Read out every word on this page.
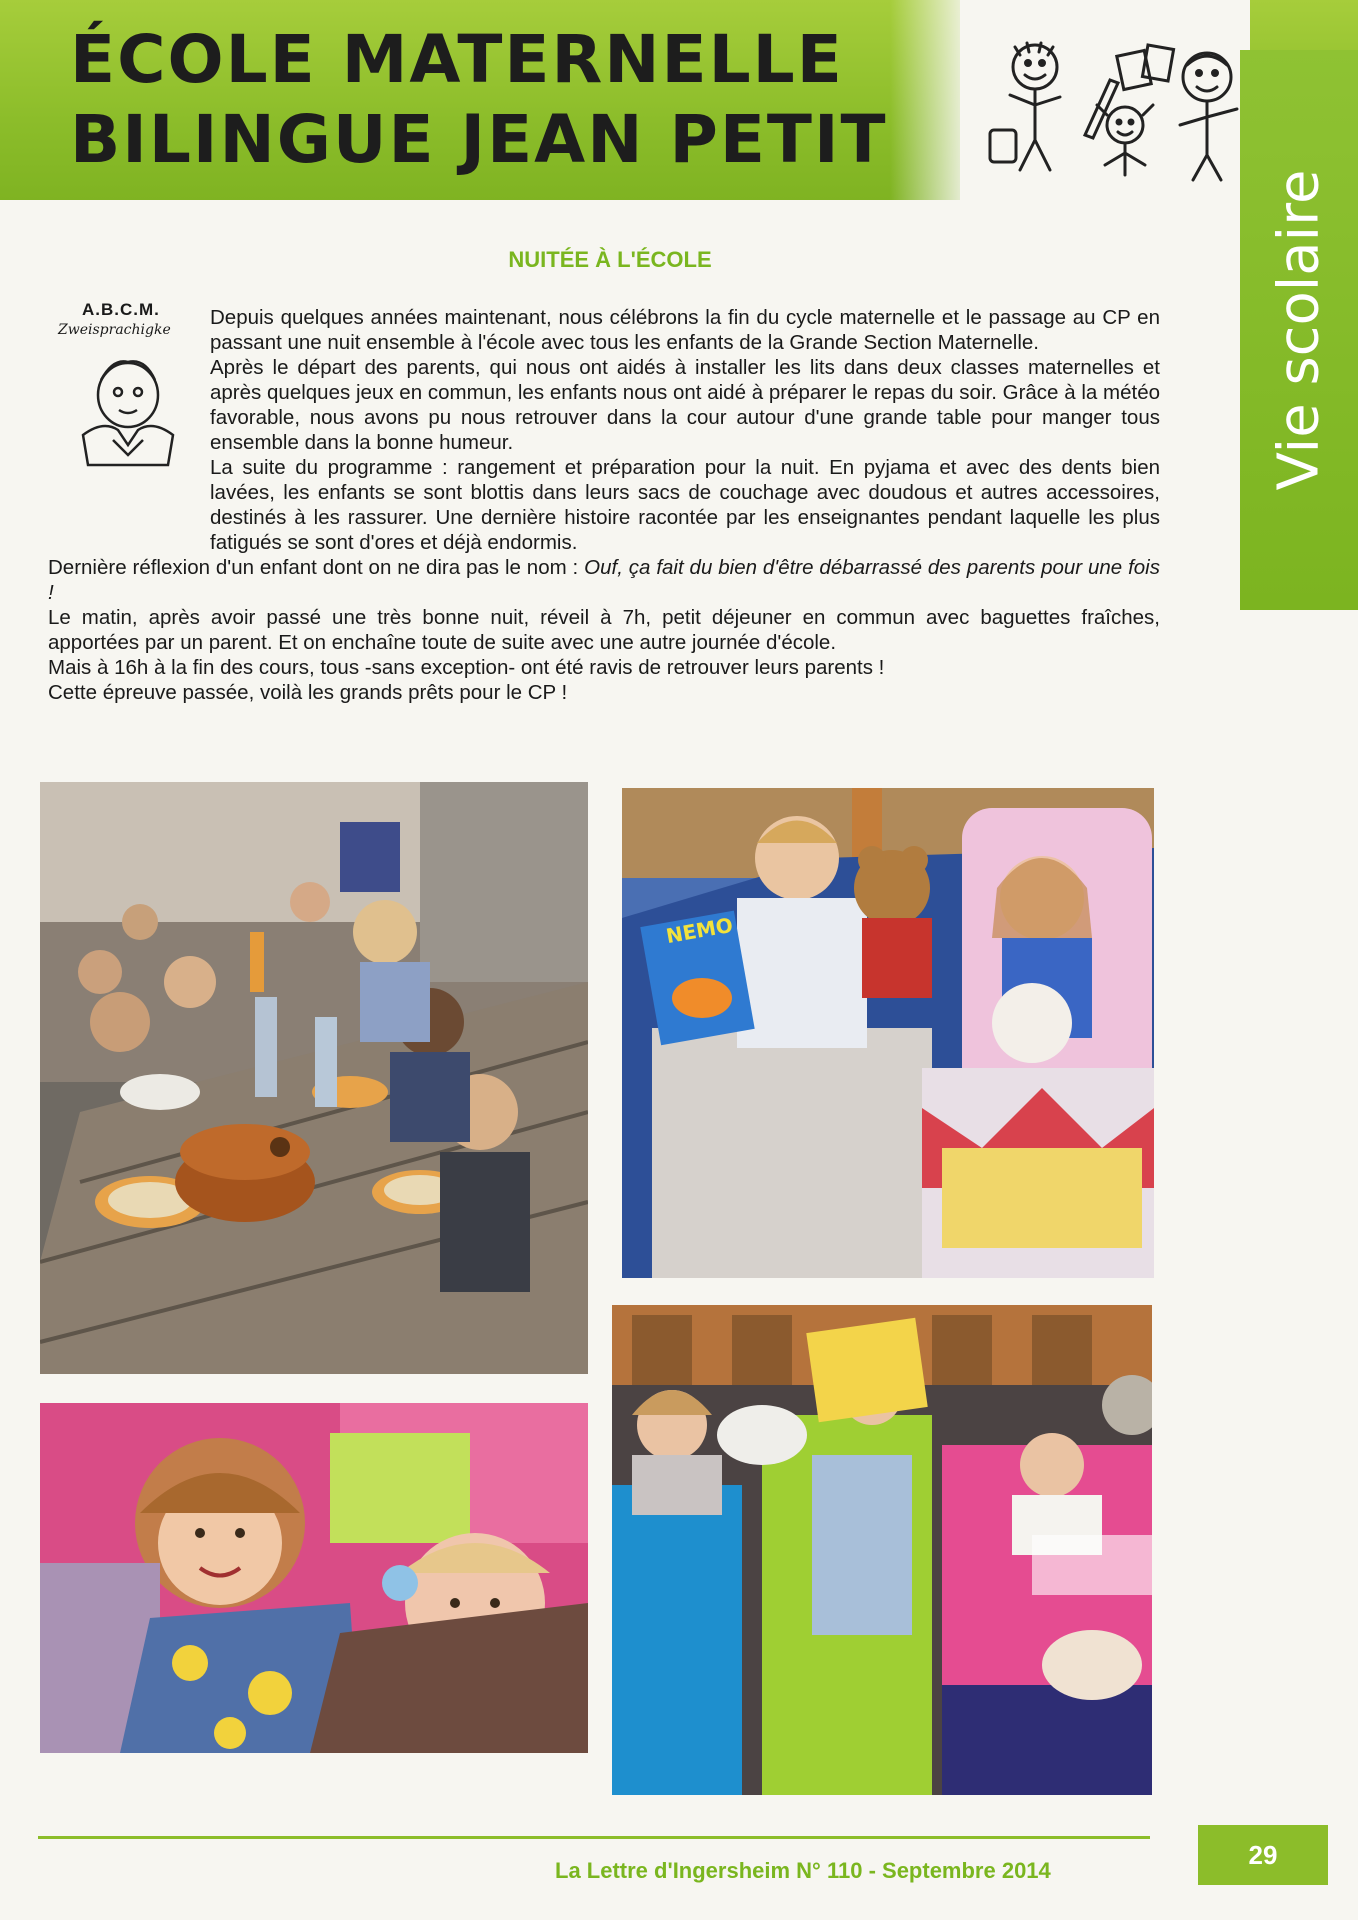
ÉCOLE MATERNELLE
BILINGUE JEAN PETIT
Vie scolaire
NUITÉE À L'ÉCOLE
A.B.C.M.
Zweisprachigke

Depuis quelques années maintenant, nous célébrons la fin du cycle maternelle et le passage au CP en passant une nuit ensemble à l'école avec tous les enfants de la Grande Section Maternelle.

Après le départ des parents, qui nous ont aidés à installer les lits dans deux classes maternelles et après quelques jeux en commun, les enfants nous ont aidé à préparer le repas du soir. Grâce à la météo favorable, nous avons pu nous retrouver dans la cour autour d'une grande table pour manger tous ensemble dans la bonne humeur.

La suite du programme : rangement et préparation pour la nuit. En pyjama et avec des dents bien lavées, les enfants se sont blottis dans leurs sacs de couchage avec doudous et autres accessoires, destinés à les rassurer. Une dernière histoire racontée par les enseignantes pendant laquelle les plus fatigués se sont d'ores et déjà endormis.

Dernière réflexion d'un enfant dont on ne dira pas le nom : Ouf, ça fait du bien d'être débarrassé des parents pour une fois !

Le matin, après avoir passé une très bonne nuit, réveil à 7h, petit déjeuner en commun avec baguettes fraîches, apportées par un parent. Et on enchaîne toute de suite avec une autre journée d'école.

Mais à 16h à la fin des cours, tous -sans exception- ont été ravis de retrouver leurs parents !

Cette épreuve passée, voilà les grands prêts pour le CP !

NEMO
La Lettre d'Ingersheim N° 110 - Septembre 2014
29
